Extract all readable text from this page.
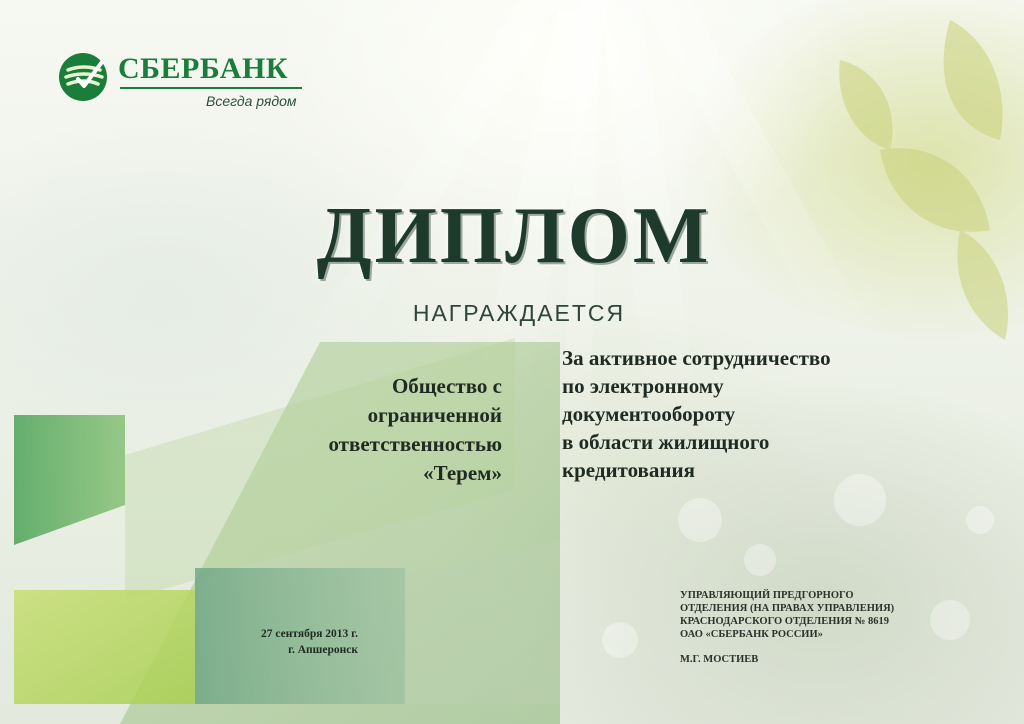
СБЕРБАНК
Всегда рядом
ДИПЛОМ
НАГРАЖДАЕТСЯ
Общество с
ограниченной
ответственностью
«Терем»
За активное сотрудничество
по электронному
документообороту
в области жилищного
кредитования
27 сентября 2013 г.
г. Апшеронск
УПРАВЛЯЮЩИЙ ПРЕДГОРНОГО
ОТДЕЛЕНИЯ (НА ПРАВАХ УПРАВЛЕНИЯ)
КРАСНОДАРСКОГО ОТДЕЛЕНИЯ № 8619
ОАО «СБЕРБАНК РОССИИ»
М.Г. МОСТИЕВ
